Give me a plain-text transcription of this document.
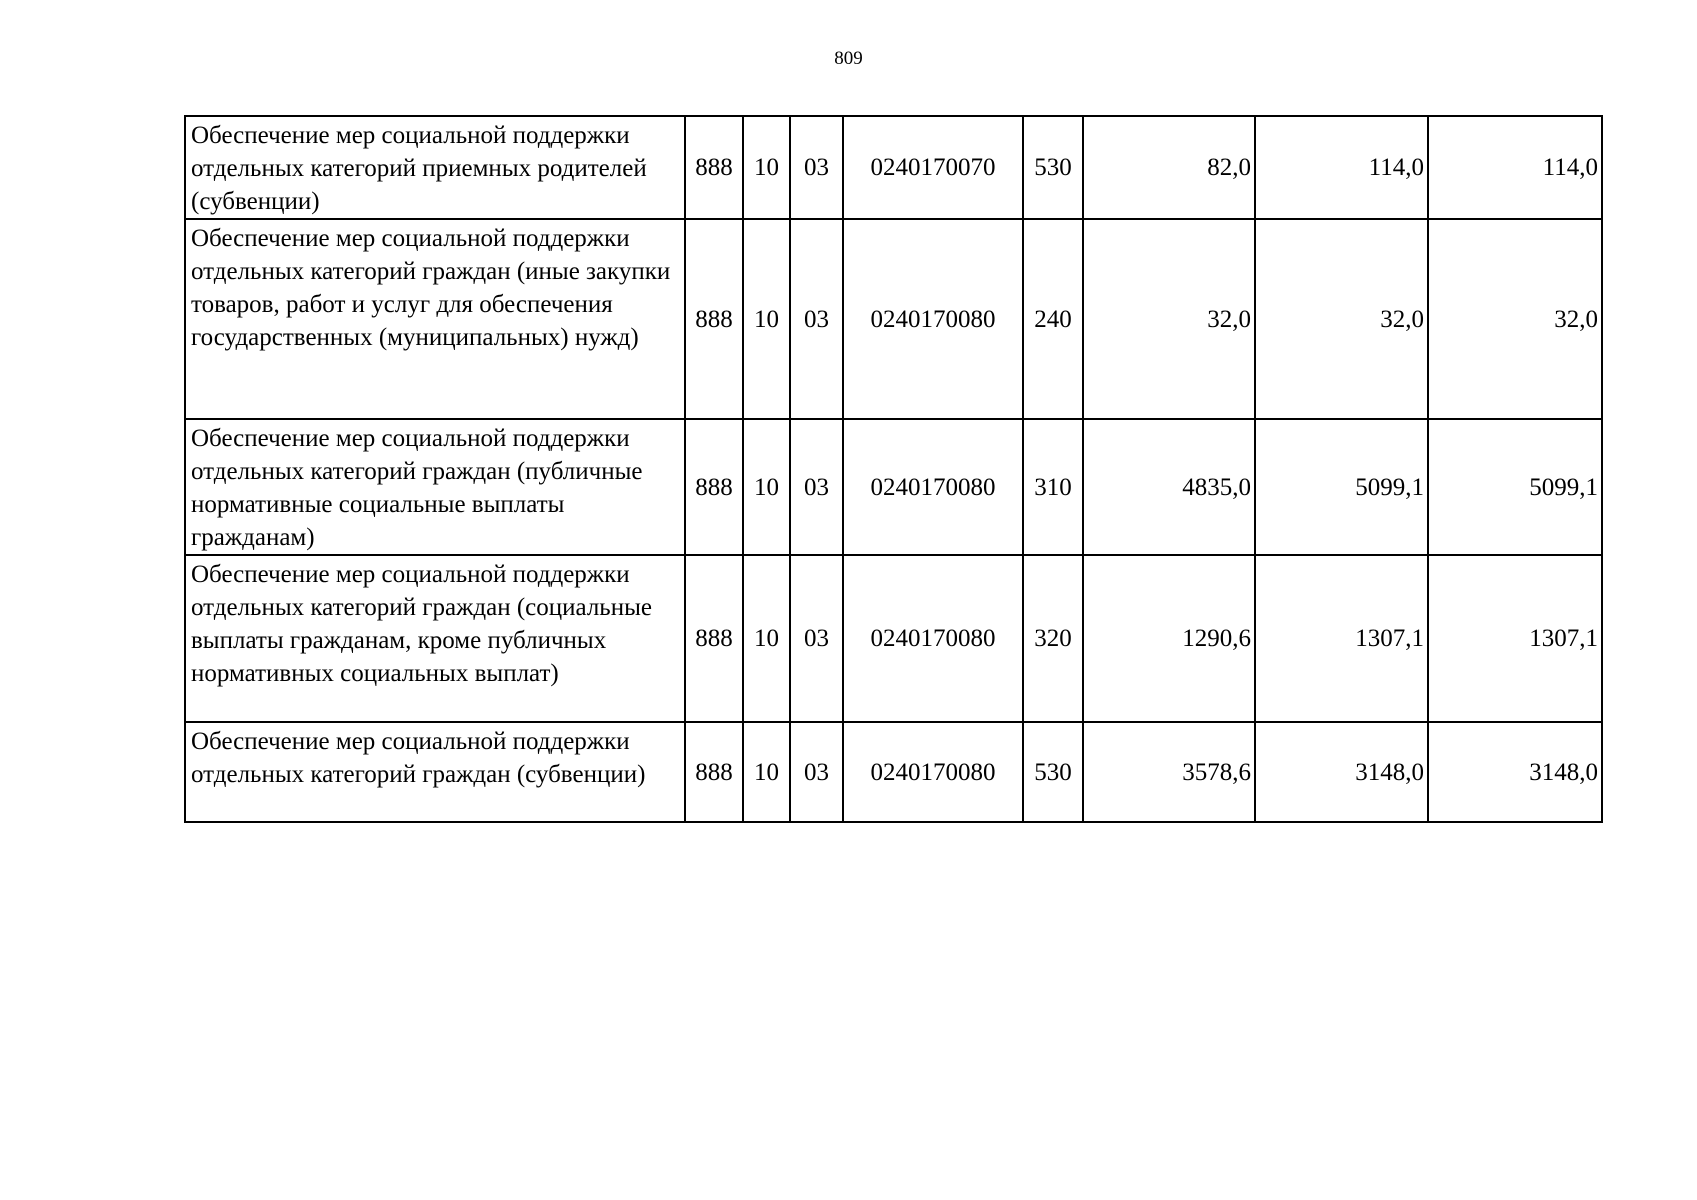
809
Обеспечение мер социальной поддержки отдельных категорий приемных родителей (субвенции)	888	10	03	0240170070	530	82,0	114,0	114,0
Обеспечение мер социальной поддержки отдельных категорий граждан (иные закупки товаров, работ и услуг для обеспечения государственных (муниципальных) нужд)	888	10	03	0240170080	240	32,0	32,0	32,0
Обеспечение мер социальной поддержки отдельных категорий граждан (публичные нормативные социальные выплаты гражданам)	888	10	03	0240170080	310	4835,0	5099,1	5099,1
Обеспечение мер социальной поддержки отдельных категорий граждан (социальные выплаты гражданам, кроме публичных нормативных социальных выплат)	888	10	03	0240170080	320	1290,6	1307,1	1307,1
Обеспечение мер социальной поддержки отдельных категорий граждан (субвенции)	888	10	03	0240170080	530	3578,6	3148,0	3148,0
